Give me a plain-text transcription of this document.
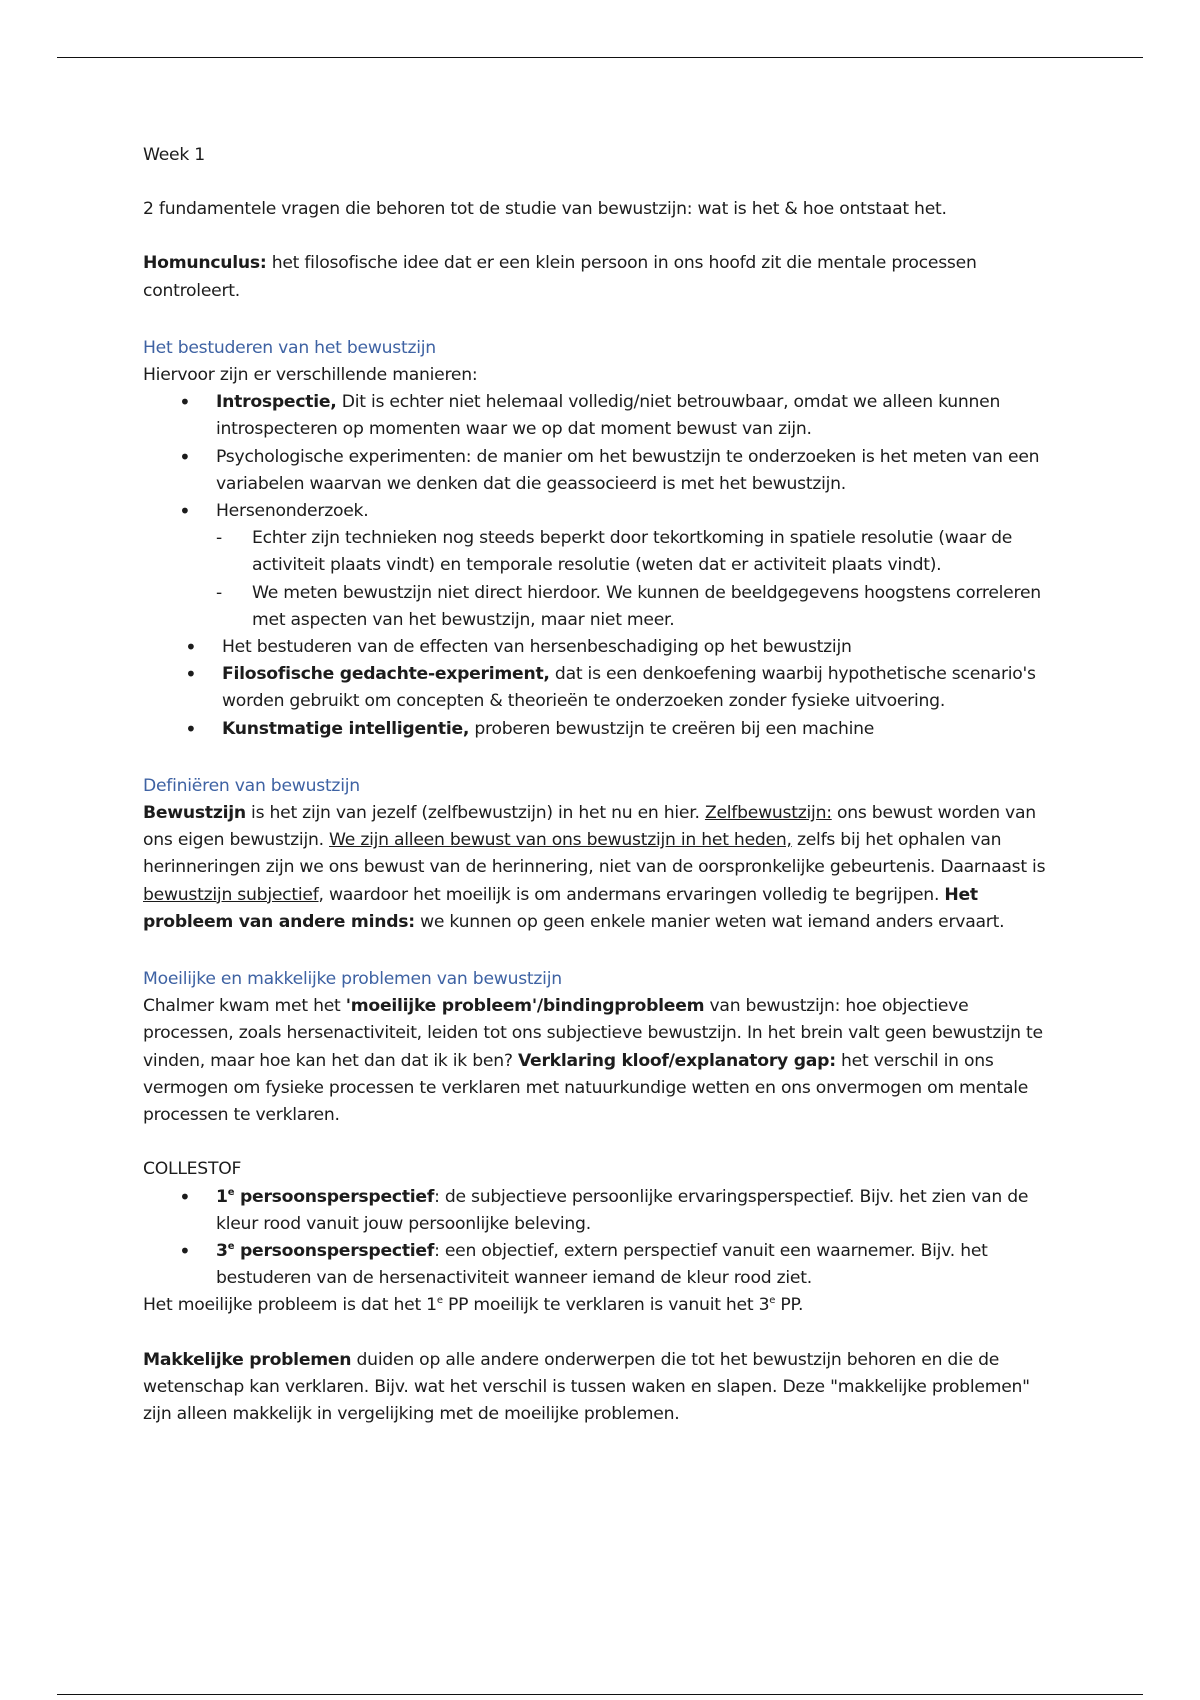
Week 1

2 fundamentele vragen die behoren tot de studie van bewustzijn: wat is het & hoe ontstaat het.

Homunculus: het filosofische idee dat er een klein persoon in ons hoofd zit die mentale processen controleert.

Het bestuderen van het bewustzijn

Hiervoor zijn er verschillende manieren:

• Introspectie, Dit is echter niet helemaal volledig/niet betrouwbaar, omdat we alleen kunnen introspecteren op momenten waar we op dat moment bewust van zijn.
• Psychologische experimenten: de manier om het bewustzijn te onderzoeken is het meten van een variabelen waarvan we denken dat die geassocieerd is met het bewustzijn.
• Hersenonderzoek.
- Echter zijn technieken nog steeds beperkt door tekortkoming in spatiele resolutie (waar de activiteit plaats vindt) en temporale resolutie (weten dat er activiteit plaats vindt).
- We meten bewustzijn niet direct hierdoor. We kunnen de beeldgegevens hoogstens correleren met aspecten van het bewustzijn, maar niet meer.
• Het bestuderen van de effecten van hersenbeschadiging op het bewustzijn
• Filosofische gedachte-experiment, dat is een denkoefening waarbij hypothetische scenario's worden gebruikt om concepten & theorieën te onderzoeken zonder fysieke uitvoering.
• Kunstmatige intelligentie, proberen bewustzijn te creëren bij een machine

Definiëren van bewustzijn

Bewustzijn is het zijn van jezelf (zelfbewustzijn) in het nu en hier. Zelfbewustzijn: ons bewust worden van ons eigen bewustzijn. We zijn alleen bewust van ons bewustzijn in het heden, zelfs bij het ophalen van herinneringen zijn we ons bewust van de herinnering, niet van de oorspronkelijke gebeurtenis. Daarnaast is bewustzijn subjectief, waardoor het moeilijk is om andermans ervaringen volledig te begrijpen. Het probleem van andere minds: we kunnen op geen enkele manier weten wat iemand anders ervaart.

Moeilijke en makkelijke problemen van bewustzijn

Chalmer kwam met het 'moeilijke probleem'/bindingprobleem van bewustzijn: hoe objectieve processen, zoals hersenactiviteit, leiden tot ons subjectieve bewustzijn. In het brein valt geen bewustzijn te vinden, maar hoe kan het dan dat ik ik ben? Verklaring kloof/explanatory gap: het verschil in ons vermogen om fysieke processen te verklaren met natuurkundige wetten en ons onvermogen om mentale processen te verklaren.

COLLESTOF

• 1e persoonsperspectief: de subjectieve persoonlijke ervaringsperspectief. Bijv. het zien van de kleur rood vanuit jouw persoonlijke beleving.
• 3e persoonsperspectief: een objectief, extern perspectief vanuit een waarnemer. Bijv. het bestuderen van de hersenactiviteit wanneer iemand de kleur rood ziet.

Het moeilijke probleem is dat het 1e PP moeilijk te verklaren is vanuit het 3e PP.

Makkelijke problemen duiden op alle andere onderwerpen die tot het bewustzijn behoren en die de wetenschap kan verklaren. Bijv. wat het verschil is tussen waken en slapen. Deze "makkelijke problemen" zijn alleen makkelijk in vergelijking met de moeilijke problemen.
